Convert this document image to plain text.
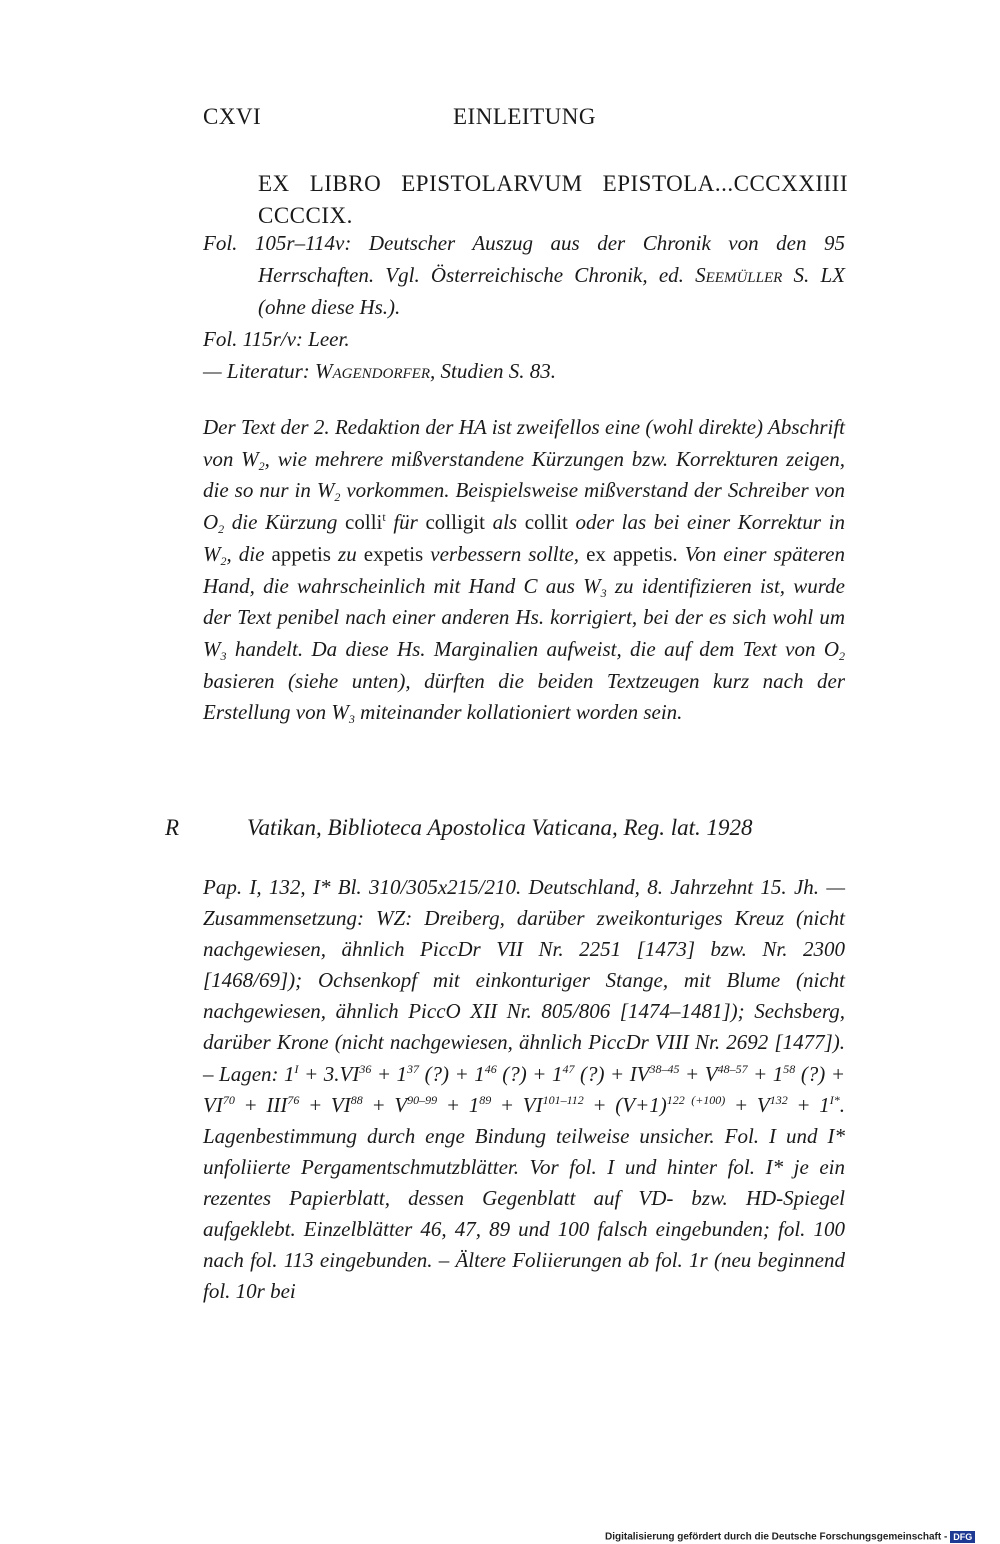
CXVI	EINLEITUNG
EX LIBRO EPISTOLARVUM EPISTOLA...CCCXXIIII CCCCIX.
Fol. 105r–114v: Deutscher Auszug aus der Chronik von den 95 Herrschaften. Vgl. Österreichische Chronik, ed. Seemüller S. LX (ohne diese Hs.).
Fol. 115r/v: Leer.
— Literatur: Wagendorfer, Studien S. 83.
Der Text der 2. Redaktion der HA ist zweifellos eine (wohl direkte) Abschrift von $W_2$, wie mehrere mißverstandene Kürzungen bzw. Korrekturen zeigen, die so nur in $W_2$ vorkommen. Beispielsweise mißverstand der Schreiber von $O_2$ die Kürzung colli$^t$ für colligit als collit oder las bei einer Korrektur in $W_2$, die appetis zu expetis verbessern sollte, ex appetis. Von einer späteren Hand, die wahrscheinlich mit Hand C aus $W_3$ zu identifizieren ist, wurde der Text penibel nach einer anderen Hs. korrigiert, bei der es sich wohl um $W_3$ handelt. Da diese Hs. Marginalien aufweist, die auf dem Text von $O_2$ basieren (siehe unten), dürften die beiden Textzeugen kurz nach der Erstellung von $W_3$ miteinander kollationiert worden sein.
R	Vatikan, Biblioteca Apostolica Vaticana, Reg. lat. 1928
Pap. I, 132, I* Bl. 310/305x215/210. Deutschland, 8. Jahrzehnt 15. Jh. — Zusammensetzung: WZ: Dreiberg, darüber zweikonturiges Kreuz (nicht nachgewiesen, ähnlich PiccDr VII Nr. 2251 [1473] bzw. Nr. 2300 [1468/69]); Ochsenkopf mit einkonturiger Stange, mit Blume (nicht nachgewiesen, ähnlich PiccO XII Nr. 805/806 [1474–1481]); Sechsberg, darüber Krone (nicht nachgewiesen, ähnlich PiccDr VIII Nr. 2692 [1477]). – Lagen: $1^I + 3.VI^{36} + 1^{37}$ (?) + $1^{46}$ (?) + $1^{47}$ (?) + $IV^{38-45} + V^{48-57} + 1^{58}$ (?) + $VI^{70} + III^{76} + VI^{88} + V^{90-99} + 1^{89} + VI^{101-112} + (V+1)^{122 (+100)} + V^{132} + 1^{I*}$. Lagenbestimmung durch enge Bindung teilweise unsicher. Fol. I und I* unfoliierte Pergamentschmutzblätter. Vor fol. I und hinter fol. I* je ein rezentes Papierblatt, dessen Gegenblatt auf VD- bzw. HD-Spiegel aufgeklebt. Einzelblätter 46, 47, 89 und 100 falsch eingebunden; fol. 100 nach fol. 113 eingebunden. – Ältere Foliierungen ab fol. 1r (neu beginnend fol. 10r bei
Digitalisierung gefördert durch die Deutsche Forschungsgemeinschaft - DFG
